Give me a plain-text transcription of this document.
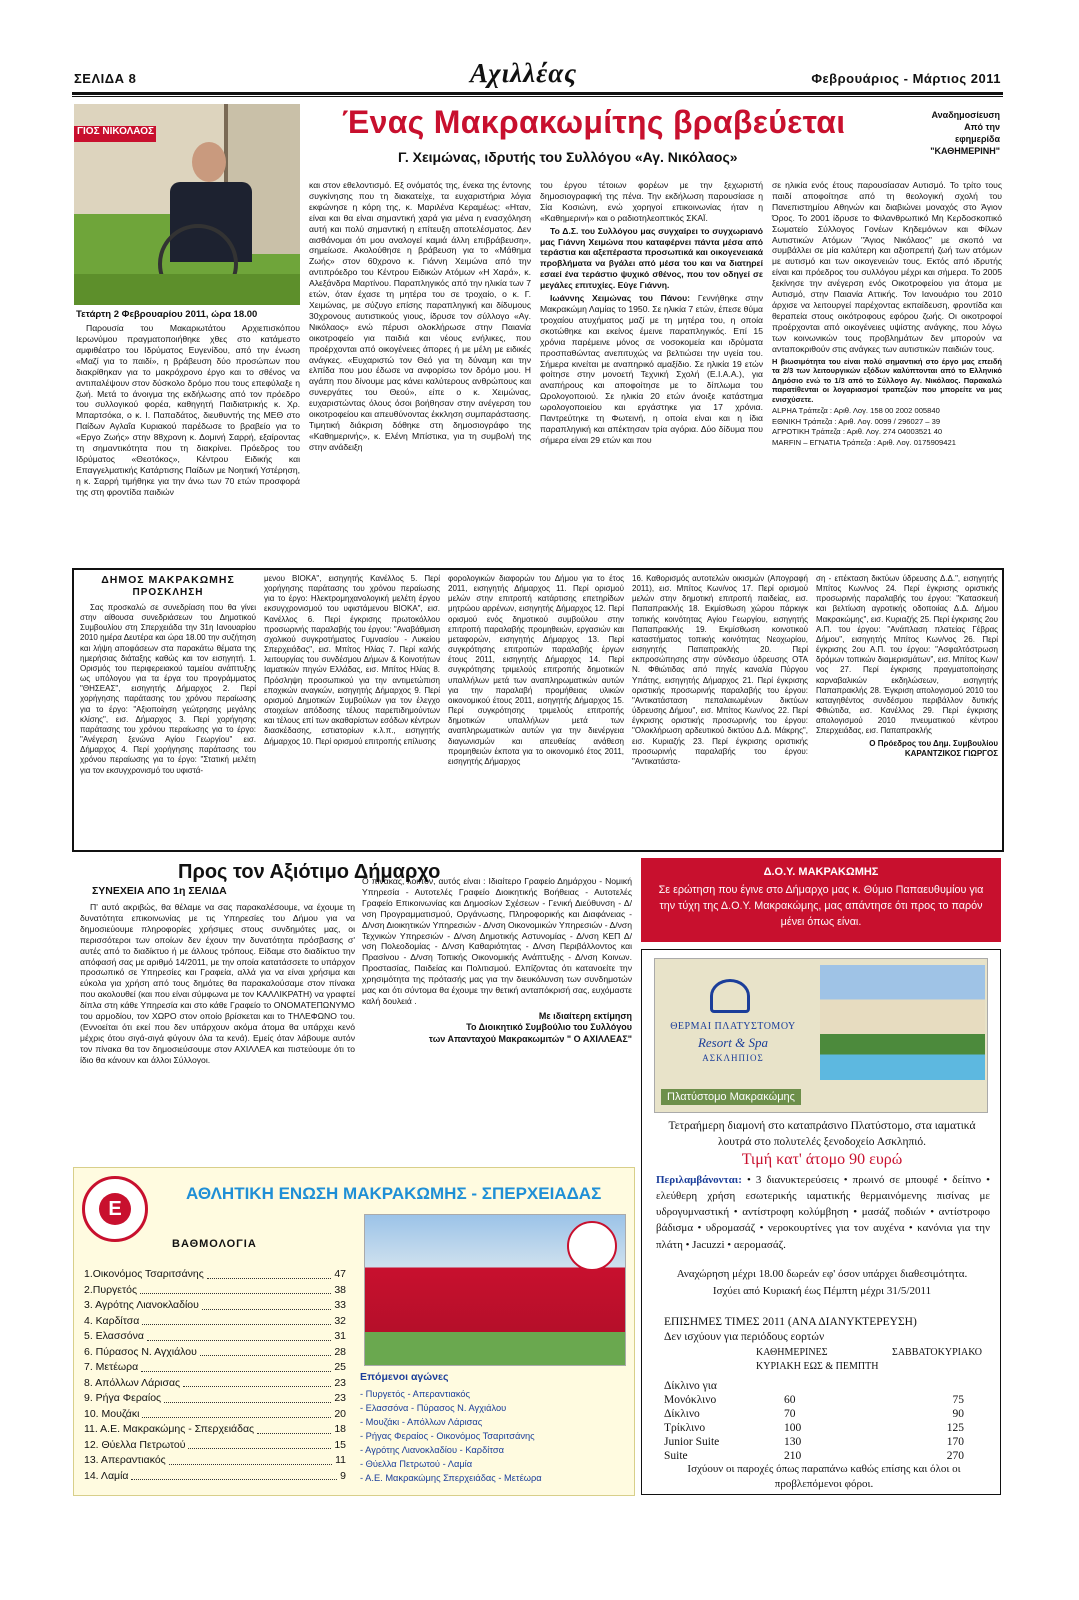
ΣΕΛΙΔΑ 8	Αχιλλέας	Φεβρουάριος - Μάρτιος 2011
ΓΙΟΣ ΝΙΚΟΛΑΟΣ	Ένας Μακρακωμίτης βραβεύεται
Γ. Χειμώνας, ιδρυτής του Συλλόγου «Αγ. Νικόλαος»
Αναδημοσίευση Από την εφημερίδα "ΚΑΘΗΜΕΡΙΝΗ"

Τετάρτη 2 Φεβρουαρίου 2011, ώρα 18.00

Παρουσία του Μακαριωτάτου Αρχιεπισκόπου Ιερωνύμου πραγματοποιήθηκε χθες στο κατάμεστο αμφιθέατρο του Ιδρύματος Ευγενίδου, από την ένωση «Μαζί για το παιδί», η βράβευση δύο προσώπων που διακρίθηκαν για το μακρόχρονο έργο και το σθένος να αντιπαλέψουν στον δύσκολο δρόμο που τους επεφύλαξε η ζωή. Μετά το άνοιγμα της εκδήλωσης από τον πρόεδρο του συλλογικού φορέα, καθηγητή Παιδιατρικής κ. Χρ. Μπαρτσόκα, ο κ. Ι. Παπαδάτος, διευθυντής της ΜΕΘ στο Παίδων Αγλαΐα Κυριακού παρέδωσε το βραβείο για το «Εργο Ζωής» στην 88χρονη κ. Δομινή Σαρρή, εξαίροντας τη σημαντικότητα που τη διακρίνει. Πρόεδρος του Ιδρύματος «Θεοτόκος», Κέντρου Ειδικής και Επαγγελματικής Κατάρτισης Παίδων με Νοητική Υστέρηση, η κ. Σαρρή τιμήθηκε για την άνω των 70 ετών προσφορά της στη φροντίδα παιδιών

και στον εθελοντισμό. Εξ ονόματός της, ένεκα της έντονης συγκίνησης που τη διακατείχε, τα ευχαριστήρια λόγια εκφώνησε η κόρη της, κ. Μαριλένα Κεραμέως: «Ηταν, είναι και θα είναι σημαντική χαρά για μένα η ενασχόληση αυτή και πολύ σημαντική η επίτευξη αποτελέσματος. Δεν αισθάνομαι ότι μου αναλογεί καμιά άλλη επιβράβευση», σημείωσε. Ακολούθησε η βράβευση για το «Μάθημα Ζωής» στον 60χρονο κ. Γιάννη Χειμώνα από την αντιπρόεδρο του Κέντρου Ειδικών Ατόμων «Η Χαρά», κ. Αλεξάνδρα Μαρτίνου. Παραπληγικός από την ηλικία των 7 ετών, όταν έχασε τη μητέρα του σε τροχαίο, ο κ. Γ. Χειμώνας, με σύζυγο επίσης παραπληγική και δίδυμους 30χρονους αυτιστικούς γιους, ίδρυσε τον σύλλογο «Αγ. Νικόλαος» ενώ πέρυσι ολοκλήρωσε στην Παιανία οικοτροφείο για παιδιά και νέους ενήλικες, που προέρχονται από οικογένειες άπορες ή με μέλη με ειδικές ανάγκες. «Ευχαριστώ τον Θεό για τη δύναμη και την ελπίδα που μου έδωσε να ανφορίσω τον δρόμο μου. Η αγάπη που δίνουμε μας κάνει καλύτερους ανθρώπους και συνεργάτες του Θεού», είπε ο κ. Χειμώνας, ευχαριστώντας όλους όσοι βοήθησαν στην ανέγερση του οικοτροφείου και απευθύνοντας έκκληση συμπαράστασης. Τιμητική διάκριση δόθηκε στη δημοσιογράφο της «Καθημερινής», κ. Ελένη Μπίστικα, για τη συμβολή της στην ανάδειξη

του έργου τέτοιων φορέων με την ξεχωριστή δημοσιογραφική της πένα. Την εκδήλωση παρουσίασε η Σία Κοσιώνη, ενώ χορηγοί επικοινωνίας ήταν η «Καθημερινή» και ο ραδιοτηλεοπτικός ΣΚΑΪ.

Το Δ.Σ. του Συλλόγου μας συγχαίρει το συγχωριανό μας Γιάννη Χειμώνα που καταφέρνει πάντα μέσα από τεράστια και αξεπέραστα προσωπικά και οικογενειακά προβλήματα να βγάλει από μέσα του και να διατηρεί εσαεί ένα τεράστιο ψυχικό σθένος, που τον οδηγεί σε μεγάλες επιτυχίες. Εύγε Γιάννη.

Ιωάννης Χειμώνας του Πάνου: Γεννήθηκε στην Μακρακώμη Λαμίας το 1950. Σε ηλικία 7 ετών, έπεσε θύμα τροχαίου ατυχήματος μαζί με τη μητέρα του, η οποία σκοτώθηκε και εκείνος έμεινε παραπληγικός. Επί 15 χρόνια παρέμεινε μόνος σε νοσοκομεία και ιδρύματα προσπαθώντας ανεπιτυχώς να βελτιώσει την υγεία του. Σήμερα κινείται με αναπηρικό αμαξίδιο. Σε ηλικία 19 ετών φοίτησε στην μονοετή Τεχνική Σχολή (Ε.Ι.Α.Α.), για αναπήρους και αποφοίτησε με το δίπλωμα του Ωρολογοποιού. Σε ηλικία 20 ετών άνοιξε κατάστημα ωρολογοποιείου και εργάστηκε για 17 χρόνια. Παντρεύτηκε τη Φωτεινή, η οποία είναι και η ίδια παραπληγική και απέκτησαν τρία αγόρια. Δύο δίδυμα που σήμερα είναι 29 ετών και που

σε ηλικία ενός έτους παρουσίασαν Αυτισμό. Το τρίτο τους παιδί αποφοίτησε από τη θεολογική σχολή του Πανεπιστημίου Αθηνών και διαβιώνει μοναχός στο Άγιον Όρος. Το 2001 ίδρυσε το Φιλανθρωπικό Μη Κερδοσκοπικό Σωματείο Σύλλογος Γονέων Κηδεμόνων και Φίλων Αυτιστικών Ατόμων "Άγιος Νικόλαος" με σκοπό να συμβάλλει σε μία καλύτερη και αξιοπρεπή ζωή των ατόμων με αυτισμό και των οικογενειών τους. Εκτός από ιδρυτής είναι και πρόεδρος του συλλόγου μέχρι και σήμερα. Το 2005 ξεκίνησε την ανέγερση ενός Οικοτροφείου για άτομα με Αυτισμό, στην Παιανία Αττικής. Τον Ιανουάριο του 2010 άρχισε να λειτουργεί παρέχοντας εκπαίδευση, φροντίδα και θεραπεία στους οικότροφους εφόρου ζωής. Οι οικοτροφοί προέρχονται από οικογένειες υψίστης ανάγκης, που λόγω των κοινωνικών τους προβλημάτων δεν μπορούν να ανταποκριθούν στις ανάγκες των αυτιστικών παιδιών τους.

Η βιωσιμότητα του είναι πολύ σημαντική στο έργο μας επειδή τα 2/3 των λειτουργικών εξόδων καλύπτονται από το Ελληνικό Δημόσιο ενώ το 1/3 από το Σύλλογο Αγ. Νικόλαος. Παρακαλώ παρατίθενται οι λογαριασμοί τραπεζών που μπορείτε να μας ενισχύσετε.

ALPHA Τράπεζα : Αριθ. Λογ. 158 00 2002 005840
ΕΘΝΙΚΗ Τράπεζα : Αριθ. Λογ. 0099 / 296027 – 39
ΑΓΡΟΤΙΚΗ Τράπεζα : Αριθ. Λογ. 274 04003521 40
MARFIN – ΕΓΝΑΤΙΑ Τράπεζα : Αριθ. Λογ. 0175909421
ΔΗΜΟΣ ΜΑΚΡΑΚΩΜΗΣ
ΠΡΟΣΚΛΗΣΗ

Σας προσκαλώ σε συνεδρίαση που θα γίνει στην αίθουσα συνεδριάσεων του Δημοτικού Συμβουλίου στη Σπερχειάδα την 31η Ιανουαρίου 2010 ημέρα Δευτέρα και ώρα 18.00 την συζήτηση και λήψη αποφάσεων στα παρακάτω θέματα της ημερήσιας διάταξης καθώς και τον εισηγητή. 1. Ορισμός του περιφερειακού ταμείου ανάπτυξης ως υπόλογου για τα έργα του προγράμματος "ΘΗΣΕΑΣ", εισηγητής Δήμαρχος 2. Περί χορήγησης παράτασης του χρόνου περαίωσης για το έργο: "Αξιοποίηση γεώτρησης μεγάλης κλίσης", εισ. Δήμαρχος 3. Περί χορήγησης παράτασης του χρόνου περαίωσης για το έργο: "Ανέγερση ξενώνα Αγίου Γεωργίου" εισ. Δήμαρχος 4. Περί χορήγησης παράτασης του χρόνου περαίωσης για το έργο: "Στατική μελέτη για τον εκσυγχρονισμό του υφιστά-

μενου ΒΙΟΚΑ", εισηγητής Κανέλλος 5. Περί χορήγησης παράτασης του χρόνου περαίωσης για το έργο: Ηλεκτρομηχανολογική μελέτη έργου εκσυγχρονισμού του υφιστάμενου ΒΙΟΚΑ", εισ. Κανέλλος 6. Περί έγκρισης πρωτοκόλλου προσωρινής παραλαβής του έργου: "Αναβάθμιση σχολικού συγκροτήματος Γυμνασίου - Λυκείου Σπερχειάδας", εισ. Μπίτος Ηλίας 7. Περί καλής λειτουργίας του συνδέσμου Δήμων & Κοινοτήτων Ιαματικών πηγών Ελλάδας, εισ. Μπίτος Ηλίας 8. Πρόσληψη προσωπικού για την αντιμετώπιση εποχικών αναγκών, εισηγητής Δήμαρχος 9. Περί ορισμού Δημοτικών Συμβούλων για τον έλεγχο στοιχείων απόδοσης τέλους παρεπιδημούντων και τέλους επί των ακαθαρίστων εσόδων κέντρων διασκέδασης, εστιατορίων κ.λ.π., εισηγητής Δήμαρχος 10. Περί ορισμού επιτροπής επίλυσης

φορολογικών διαφορών του Δήμου για το έτος 2011, εισηγητής Δήμαρχος 11. Περί ορισμού μελών στην επιτροπή κατάρτισης επετηρίδων μητρώου αρρένων, εισηγητής Δήμαρχος 12. Περί ορισμού ενός δημοτικού συμβούλου στην επιτροπή παραλαβής προμηθειών, εργασιών και μεταφορών, εισηγητής Δήμαρχος 13. Περί συγκρότησης επιτροπών παραλαβής έργων έτους 2011, εισηγητής Δήμαρχος 14. Περί συγκρότησης τριμελούς επιτροπής δημοτικών υπαλλήλων μετά των αναπληρωματικών αυτών για την παραλαβή προμήθειας υλικών οικονομικού έτους 2011, εισηγητής Δήμαρχος 15. Περί συγκρότησης τριμελούς επιτροπής δημοτικών υπαλλήλων μετά των αναπληρωματικών αυτών για την διενέργεια διαγωνισμών και απευθείας ανάθεση προμηθειών έκποτα για το οικονομικό έτος 2011, εισηγητής Δήμαρχος

16. Καθορισμός αυτοτελών οικισμών (Απογραφή 2011), εισ. Μπίτος Κων/νος 17. Περί ορισμού μελών στην δημοτική επιτροπή παιδείας, εισ. Παπαπρακλής 18. Εκμίσθωση χώρου πάρκιγκ τοπικής κοινότητας Αγίου Γεωργίου, εισηγητής Παπαπρακλής 19. Εκμίσθωση κοινοτικού καταστήματος τοπικής κοινότητας Νεοχωρίου, εισηγητής Παπαπρακλής 20. Περί εκπροσώπησης στην σύνδεσμο ύδρευσης ΟΤΑ Ν. Φθιώτιδας από πηγές καναλία Πύργου Υπάτης, εισηγητής Δήμαρχος 21. Περί έγκρισης οριστικής προσωρινής παραλαβής του έργου: "Αντικατάσταση πεπαλαιωμένων δικτύων ύδρευσης Δήμου", εισ. Μπίτος Κων/νος 22. Περί έγκρισης οριστικής προσωρινής του έργου: "Ολοκλήρωση αρδευτικού δικτύου Δ.Δ. Μάκρης", εισ. Κυριαζής 23. Περί έγκρισης οριστικής προσωρινής παραλαβής του έργου: "Αντικατάστα-

ση - επέκταση δικτύων ύδρευσης Δ.Δ.", εισηγητής Μπίτος Κων/νος 24. Περί έγκρισης οριστικής προσωρινής παραλαβής του έργου: "Κατασκευή και βελτίωση αγροτικής οδοποιίας Δ.Δ. Δήμου Μακρακώμης", εισ. Κυριαζής 25. Περί έγκρισης 2ου Α.Π. του έργου: "Ανάπλαση πλατείας Γέβρας Δήμου", εισηγητής Μπίτος Κων/νος 26. Περί έγκρισης 2ου Α.Π. του έργου: "Ασφαλτόστρωση δρόμων τοπικών διαμερισμάτων", εισ. Μπίτος Κων/νος 27. Περί έγκρισης πραγματοποίησης καρναβαλικών εκδηλώσεων, εισηγητής Παπαπρακλής 28. Έγκριση απολογισμού 2010 του καταγηθέντος συνδέσμου περιβάλλον δυτικής Φθιώτιδα, εισ. Κανέλλος 29. Περί έγκρισης απολογισμού 2010 πνευματικού κέντρου Σπερχειάδας, εισ. Παπαπρακλής

Ο Πρόεδρος του Δημ. Συμβουλίου
ΚΑΡΑΝΤΖΙΚΟΣ ΓΙΩΡΓΟΣ
Προς τον Αξιότιμο Δήμαρχο
ΣΥΝΕΧΕΙΑ ΑΠΟ 1η ΣΕΛΙΔΑ

Π' αυτό ακριβώς, θα θέλαμε να σας παρακαλέσουμε, να έχουμε τη δυνατότητα επικοινωνίας με τις Υπηρεσίες του Δήμου για να δημοσιεύουμε πληροφορίες χρήσιμες στους συνδημότες μας, οι περισσότεροι των οποίων δεν έχουν την δυνατότητα πρόσβασης σ' αυτές από το διαδίκτυο ή με άλλους τρόπους. Είδαμε στο διαδίκτυο την απόφασή σας με αριθμό 14/2011, με την οποία κατατάσσετε το υπάρχον προσωπικό σε Υπηρεσίες και Γραφεία, αλλά για να είναι χρήσιμα και εύκολα για χρήση από τους δημότες θα παρακαλούσαμε στον πίνακα που ακολουθεί (και που είναι σύμφωνα με τον ΚΑΛΛΙΚΡΑΤΗ) να γραφτεί δίπλα στη κάθε Υπηρεσία και στο κάθε Γραφείο το ΟΝΟΜΑΤΕΠΩΝΥΜΟ του αρμοδίου, τον ΧΩΡΟ στον οποίο βρίσκεται και το ΤΗΛΕΦΩΝΟ του. (Εννοείται ότι εκεί που δεν υπάρχουν ακόμα άτομα θα υπάρχει κενό μέχρις ότου σιγά-σιγά φύγουν όλα τα κενά). Εμείς όταν λάβουμε αυτόν τον πίνακα θα τον δημοσιεύσουμε στον ΑΧΙΛΛΕΑ και πιστεύουμε ότι το ίδιο θα κάνουν και άλλοι Σύλλογοι.

Ο πίνακας, λοιπόν, αυτός είναι : Ιδιαίτερο Γραφείο Δημάρχου - Νομική Υπηρεσία - Αυτοτελές Γραφείο Διοικητικής Βοήθειας - Αυτοτελές Γραφείο Επικοινωνίας και Δημοσίων Σχέσεων - Γενική Διεύθυνση - Δ/νση Προγραμματισμού, Οργάνωσης, Πληροφορικής και Διαφάνειας - Δ/νση Διοικητικών Υπηρεσιών - Δ/νση Οικονομικών Υπηρεσιών - Δ/νση Τεχνικών Υπηρεσιών - Δ/νση Δημοτικής Αστυνομίας - Δ/νση ΚΕΠ Δ/νση Πολεοδομίας - Δ/νση Καθαριότητας - Δ/νση Περιβάλλοντος και Πρασίνου - Δ/νση Τοπικής Οικονομικής Ανάπτυξης - Δ/νση Κοινων. Προστασίας, Παιδείας και Πολιτισμού. Ελπίζοντας ότι κατανοείτε την χρησιμότητα της πρότασής μας για την διευκόλυνση των συνδημοτών μας και ότι σύντομα θα έχουμε την θετική ανταπόκρισή σας, ευχόμαστε καλή δουλειά .

Με ιδιαίτερη εκτίμηση
Το Διοικητικό Συμβούλιο του Συλλόγου
των Απανταχού Μακρακωμιτών " Ο ΑΧΙΛΛΕΑΣ"
Δ.Ο.Υ. ΜΑΚΡΑΚΩΜΗΣ
Σε ερώτηση που έγινε στο Δήμαρχο μας κ. Θύμιο Παπαευθυμίου για την τύχη της Δ.Ο.Υ. Μακρακώμης, μας απάντησε ότι προς το παρόν μένει όπως είναι.
ΘΕΡΜΑΙ ΠΛΑΤΥΣΤΟΜΟΥ
Resort & Spa
ΑΣΚΛΗΠΙΟΣ
Πλατύστομο Μακρακώμης
Τετραήμερη διαμονή στο καταπράσινο Πλατύστομο, στα ιαματικά λουτρά στο πολυτελές ξενοδοχείο Ασκληπιό.
Τιμή κατ' άτομο 90 ευρώ
Περιλαμβάνονται: • 3 διανυκτερεύσεις • πρωινό σε μπουφέ • δείπνο • ελεύθερη χρήση εσωτερικής ιαματικής θερμαινόμενης πισίνας με υδρογυμναστική • αντίστροφη κολύμβηση • μασάζ ποδιών • αντίστροφο βάδισμα • υδρομασάζ • νεροκουρτίνες για τον αυχένα • κανόνια για την πλάτη • Jacuzzi • αερομασάζ.
Αναχώρηση μέχρι 18.00 δωρεάν εφ' όσον υπάρχει διαθεσιμότητα.
Ισχύει από Κυριακή έως Πέμπτη μέχρι 31/5/2011
ΕΠΙΣΗΜΕΣ ΤΙΜΕΣ 2011 (ΑΝΑ ΔΙΑΝΥΚΤΕΡΕΥΣΗ)
Δεν ισχύουν για περιόδους εορτών
ΚΑΘΗΜΕΡΙΝΕΣ
ΚΥΡΙΑΚΗ ΕΩΣ & ΠΕΜΠΤΗ
ΣΑΒΒΑΤΟΚΥΡΙΑΚΟ
Δίκλινο για		
Μονόκλινο	60	75
Δίκλινο	70	90
Τρίκλινο	100	125
Junior Suite	130	170
Suite	210	270
Ισχύουν οι παροχές όπως παραπάνω καθώς επίσης και όλοι οι προβλεπόμενοι φόροι.
E
ΑΘΛΗΤΙΚΗ ΕΝΩΣΗ ΜΑΚΡΑΚΩΜΗΣ - ΣΠΕΡΧΕΙΑΔΑΣ
ΒΑΘΜΟΛΟΓΙΑ
1.Οικονόμος Τσαριτσάνης	47
2.Πυργετός	38
3. Αγρότης Λιανοκλαδίου	33
4. Καρδίτσα	32
5. Ελασσόνα	31
6. Πύρασος Ν. Αγχιάλου	28
7. Μετέωρα	25
8. Απόλλων Λάρισας	23
9. Ρήγα Φεραίος	23
10. Μουζάκι	20
11. Α.Ε. Μακρακώμης - Σπερχειάδας	18
12. Θύελλα Πετρωτού	15
13. Απεραντιακός	11
14. Λαμία	9
Επόμενοι αγώνες
- Πυργετός - Απεραντιακός
- Ελασσόνα - Πύρασος Ν. Αγχιάλου
- Μουζάκι - Απόλλων Λάρισας
- Ρήγας Φεραίος - Οικονόμος Τσαριτσάνης
- Αγρότης Λιανοκλαδίου - Καρδίτσα
- Θύελλα Πετρωτού - Λαμία
- Α.Ε. Μακρακώμης Σπερχειάδας - Μετέωρα
